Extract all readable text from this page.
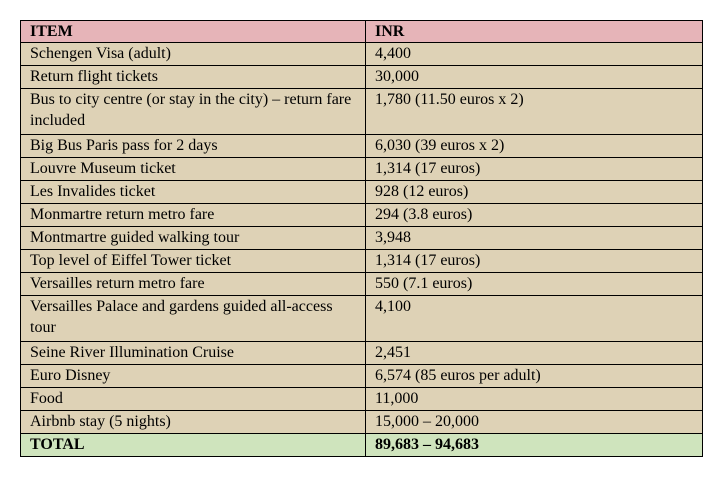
ITEM	INR
Schengen Visa (adult)	4,400
Return flight tickets	30,000
Bus to city centre (or stay in the city) – return fare included	1,780 (11.50 euros x 2)
Big Bus Paris pass for 2 days	6,030 (39 euros x 2)
Louvre Museum ticket	1,314 (17 euros)
Les Invalides ticket	928 (12 euros)
Monmartre return metro fare	294 (3.8 euros)
Montmartre guided walking tour	3,948
Top level of Eiffel Tower ticket	1,314 (17 euros)
Versailles return metro fare	550 (7.1 euros)
Versailles Palace and gardens guided all-access tour	4,100
Seine River Illumination Cruise	2,451
Euro Disney	6,574 (85 euros per adult)
Food	11,000
Airbnb stay (5 nights)	15,000 – 20,000
TOTAL	89,683 – 94,683
